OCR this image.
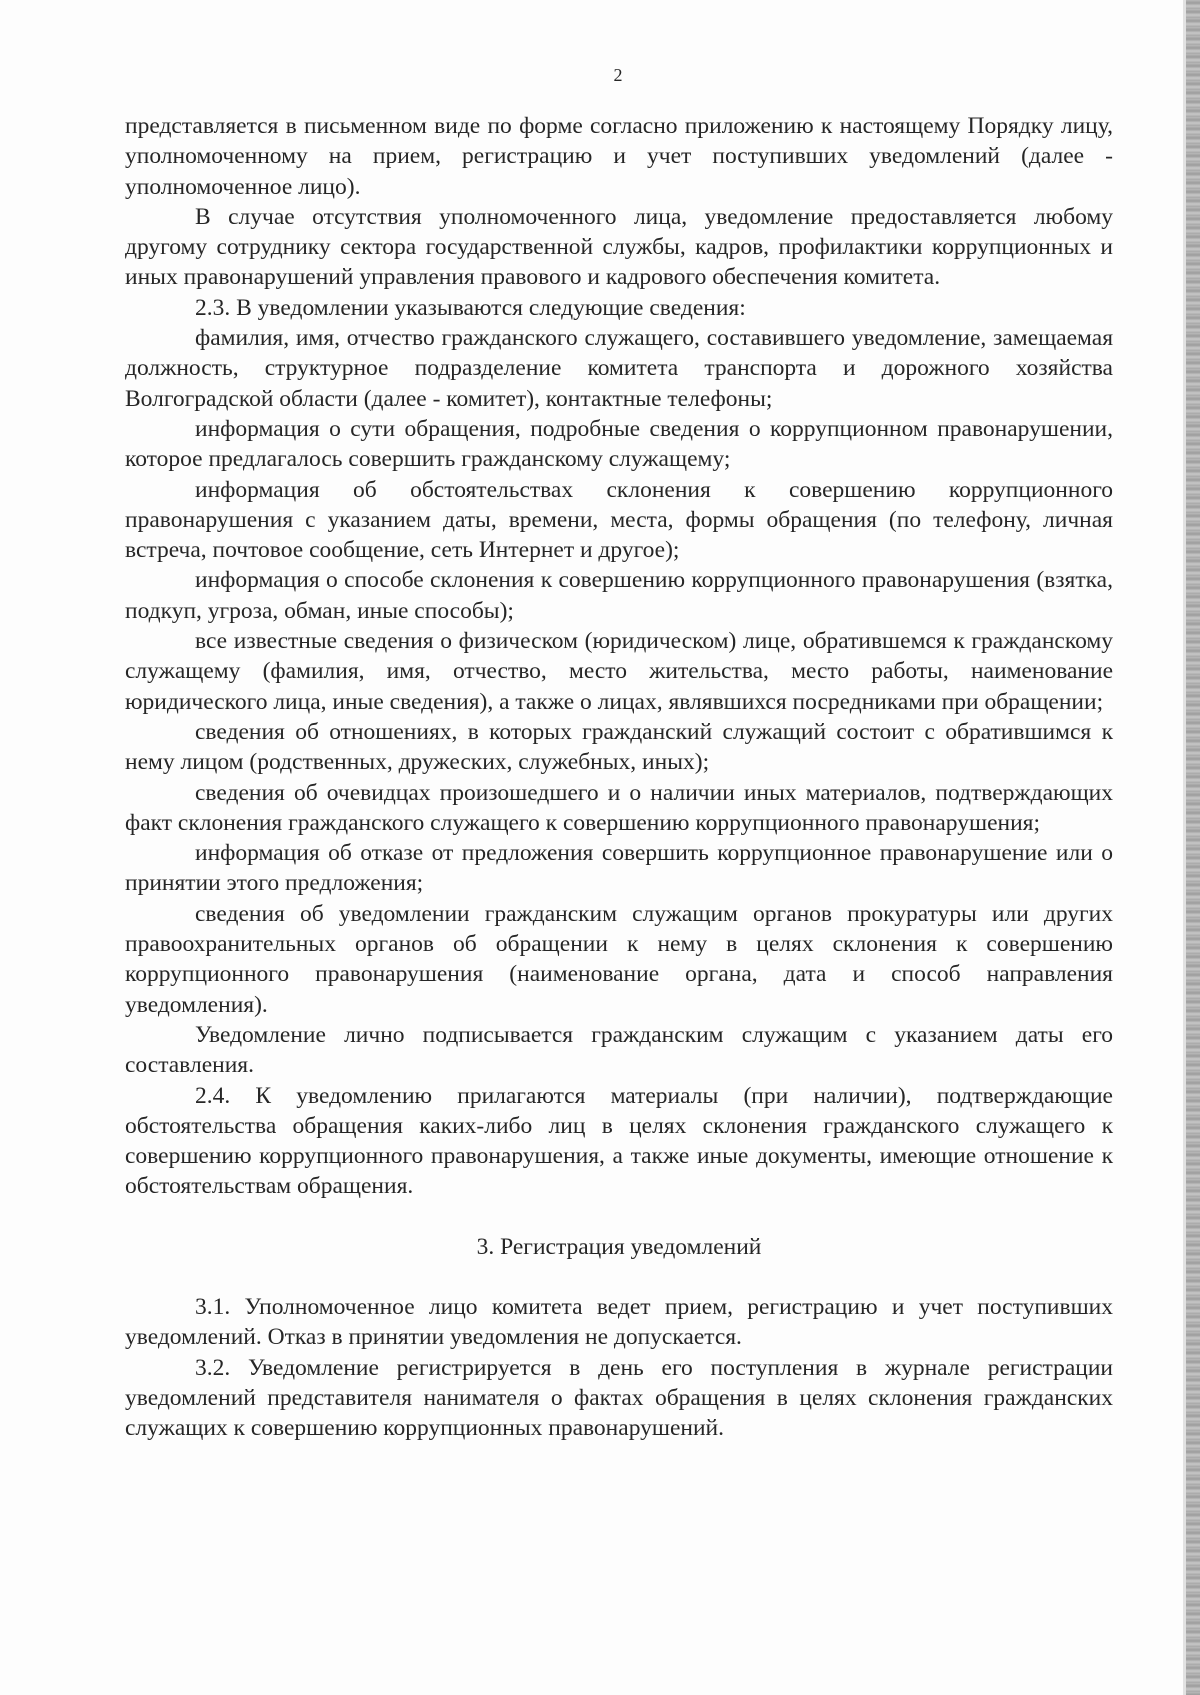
2

представляется в письменном виде по форме согласно приложению к настоящему Порядку лицу, уполномоченному на прием, регистрацию и учет поступивших уведомлений (далее - уполномоченное лицо).

В случае отсутствия уполномоченного лица, уведомление предоставляется любому другому сотруднику сектора государственной службы, кадров, профилактики коррупционных и иных правонарушений управления правового и кадрового обеспечения комитета.

2.3. В уведомлении указываются следующие сведения:

фамилия, имя, отчество гражданского служащего, составившего уведомление, замещаемая должность, структурное подразделение комитета транспорта и дорожного хозяйства Волгоградской области (далее - комитет), контактные телефоны;

информация о сути обращения, подробные сведения о коррупционном правонарушении, которое предлагалось совершить гражданскому служащему;

информация об обстоятельствах склонения к совершению коррупционного правонарушения с указанием даты, времени, места, формы обращения (по телефону, личная встреча, почтовое сообщение, сеть Интернет и другое);

информация о способе склонения к совершению коррупционного правонарушения (взятка, подкуп, угроза, обман, иные способы);

все известные сведения о физическом (юридическом) лице, обратившемся к гражданскому служащему (фамилия, имя, отчество, место жительства, место работы, наименование юридического лица, иные сведения), а также о лицах, являвшихся посредниками при обращении;

сведения об отношениях, в которых гражданский служащий состоит с обратившимся к нему лицом (родственных, дружеских, служебных, иных);

сведения об очевидцах произошедшего и о наличии иных материалов, подтверждающих факт склонения гражданского служащего к совершению коррупционного правонарушения;

информация об отказе от предложения совершить коррупционное правонарушение или о принятии этого предложения;

сведения об уведомлении гражданским служащим органов прокуратуры или других правоохранительных органов об обращении к нему в целях склонения к совершению коррупционного правонарушения (наименование органа, дата и способ направления уведомления).

Уведомление лично подписывается гражданским служащим с указанием даты его составления.

2.4. К уведомлению прилагаются материалы (при наличии), подтверждающие обстоятельства обращения каких-либо лиц в целях склонения гражданского служащего к совершению коррупционного правонарушения, а также иные документы, имеющие отношение к обстоятельствам обращения.

3. Регистрация уведомлений

3.1. Уполномоченное лицо комитета ведет прием, регистрацию и учет поступивших уведомлений. Отказ в принятии уведомления не допускается.

3.2. Уведомление регистрируется в день его поступления в журнале регистрации уведомлений представителя нанимателя о фактах обращения в целях склонения гражданских служащих к совершению коррупционных правонарушений.
